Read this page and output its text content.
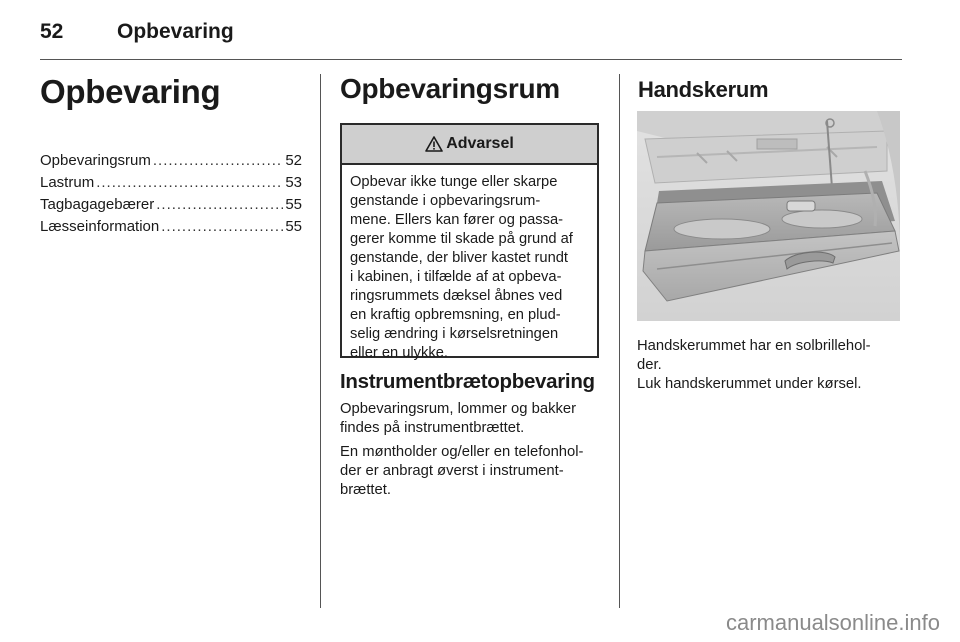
52	Opbevaring
Opbevaring
Opbevaringsrum .....	52
Lastrum .....	53
Tagbagagebærer .....	55
Læsseinformation .....	55
Opbevaringsrum
Advarsel
Opbevar ikke tunge eller skarpe
genstande i opbevaringsrum-
mene. Ellers kan fører og passa-
gerer komme til skade på grund af
genstande, der bliver kastet rundt
i kabinen, i tilfælde af at opbeva-
ringsrummets dæksel åbnes ved
en kraftig opbremsning, en plud-
selig ændring i kørselsretningen
eller en ulykke.
Instrumentbrætopbevaring
Opbevaringsrum, lommer og bakker
findes på instrumentbrættet.
En møntholder og/eller en telefonhol-
der er anbragt øverst i instrument-
brættet.
Handskerum
Handskerummet har en solbrillehol-
der.
Luk handskerummet under kørsel.
carmanualsonline.info
